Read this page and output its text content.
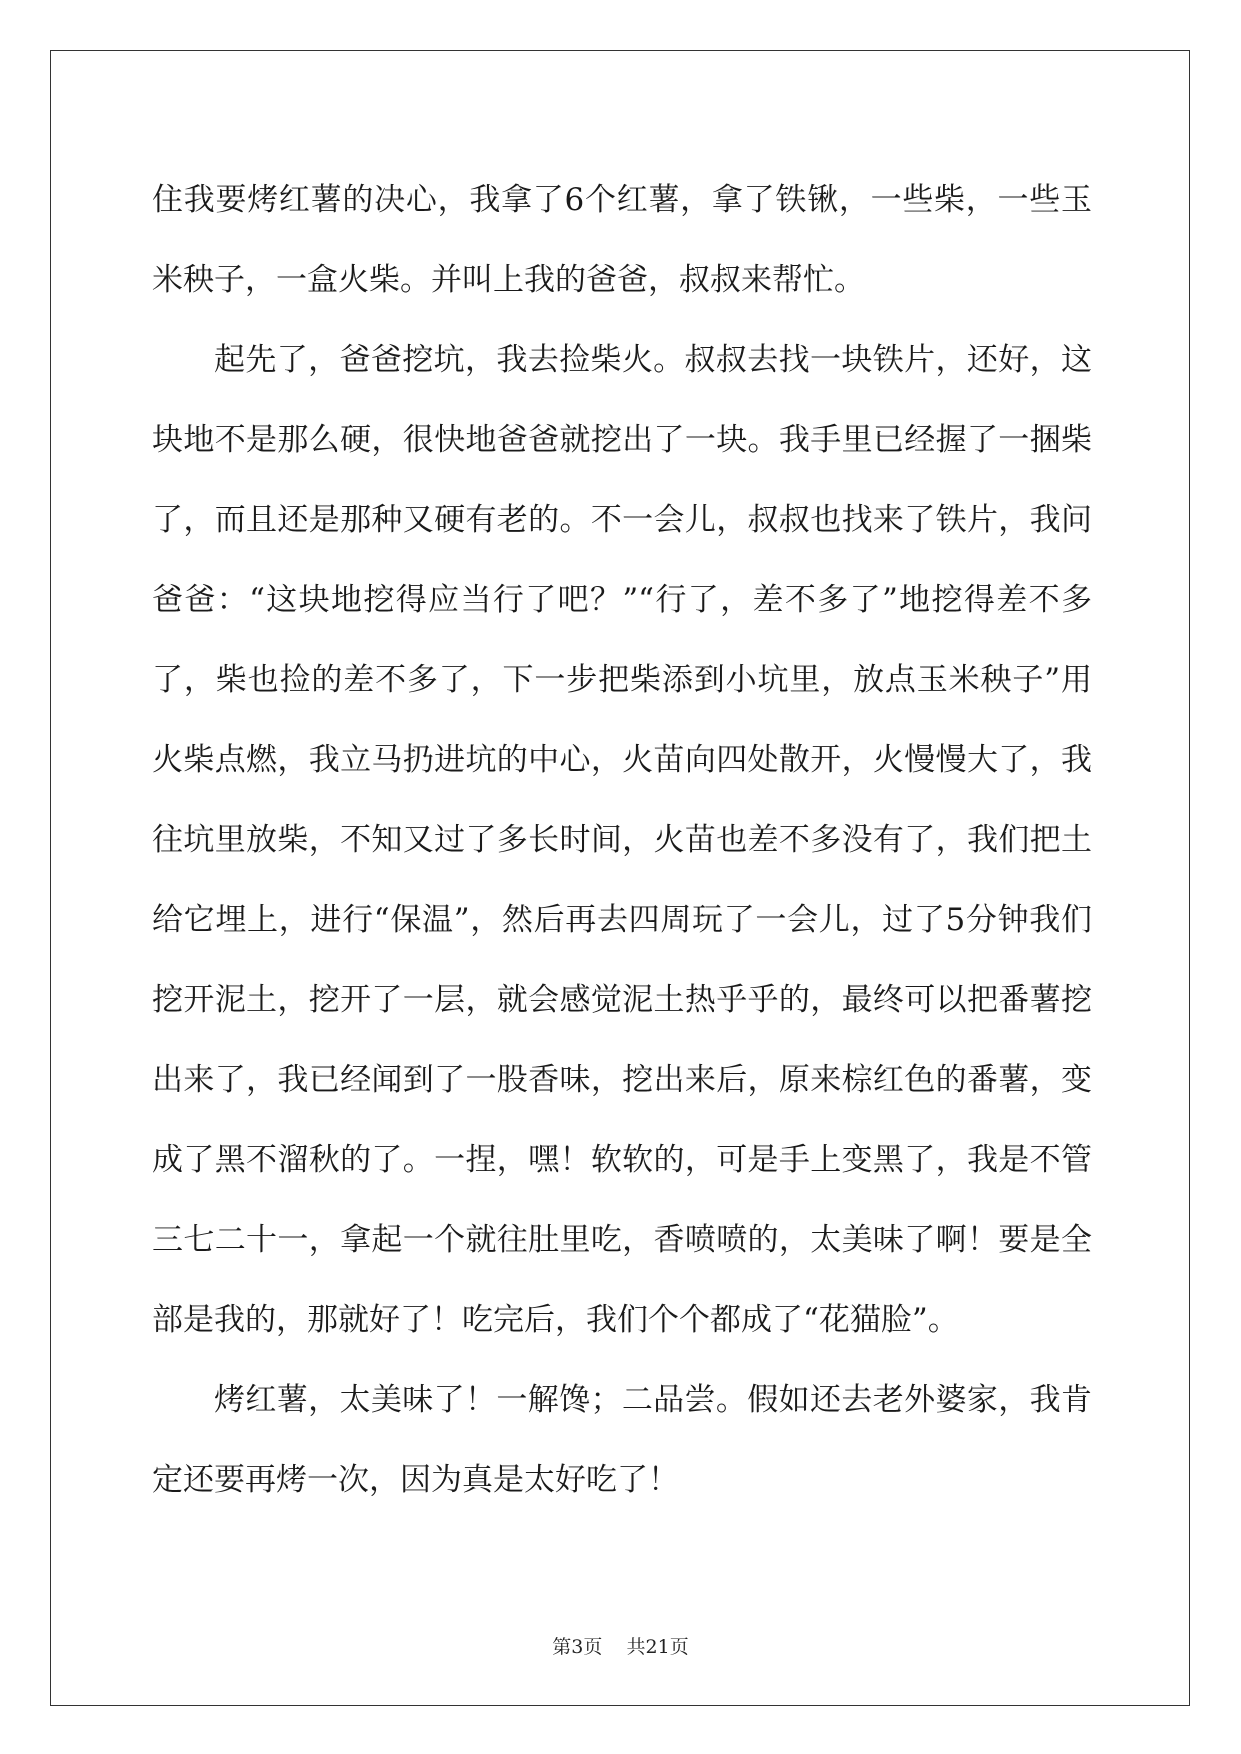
住我要烤红薯的决心，我拿了6个红薯，拿了铁锹，一些柴，一些玉米秧子，一盒火柴。并叫上我的爸爸，叔叔来帮忙。

起先了，爸爸挖坑，我去捡柴火。叔叔去找一块铁片，还好，这块地不是那么硬，很快地爸爸就挖出了一块。我手里已经握了一捆柴了，而且还是那种又硬有老的。不一会儿，叔叔也找来了铁片，我问爸爸：“这块地挖得应当行了吧？”“行了，差不多了”地挖得差不多了，柴也捡的差不多了，下一步把柴添到小坑里，放点玉米秧子”用火柴点燃，我立马扔进坑的中心，火苗向四处散开，火慢慢大了，我往坑里放柴，不知又过了多长时间，火苗也差不多没有了，我们把土给它埋上，进行“保温”，然后再去四周玩了一会儿，过了5分钟我们挖开泥土，挖开了一层，就会感觉泥土热乎乎的，最终可以把番薯挖出来了，我已经闻到了一股香味，挖出来后，原来棕红色的番薯，变成了黑不溜秋的了。一捏，嘿！软软的，可是手上变黑了，我是不管三七二十一，拿起一个就往肚里吃，香喷喷的，太美味了啊！要是全部是我的，那就好了！吃完后，我们个个都成了“花猫脸”。

烤红薯，太美味了！一解馋；二品尝。假如还去老外婆家，我肯定还要再烤一次，因为真是太好吃了！

第3页 共21页
